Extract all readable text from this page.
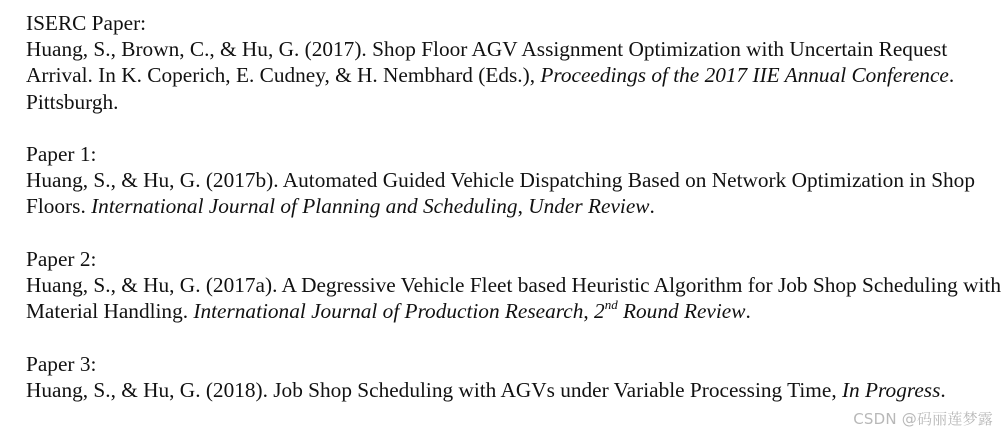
ISERC Paper:
Huang, S., Brown, C., & Hu, G. (2017). Shop Floor AGV Assignment Optimization with Uncertain Request Arrival. In K. Coperich, E. Cudney, & H. Nembhard (Eds.), Proceedings of the 2017 IIE Annual Conference. Pittsburgh.
Paper 1:
Huang, S., & Hu, G. (2017b). Automated Guided Vehicle Dispatching Based on Network Optimization in Shop Floors. International Journal of Planning and Scheduling, Under Review.
Paper 2:
Huang, S., & Hu, G. (2017a). A Degressive Vehicle Fleet based Heuristic Algorithm for Job Shop Scheduling with Material Handling. International Journal of Production Research, 2nd Round Review.
Paper 3:
Huang, S., & Hu, G. (2018). Job Shop Scheduling with AGVs under Variable Processing Time, In Progress.
CSDN @码丽莲梦露
